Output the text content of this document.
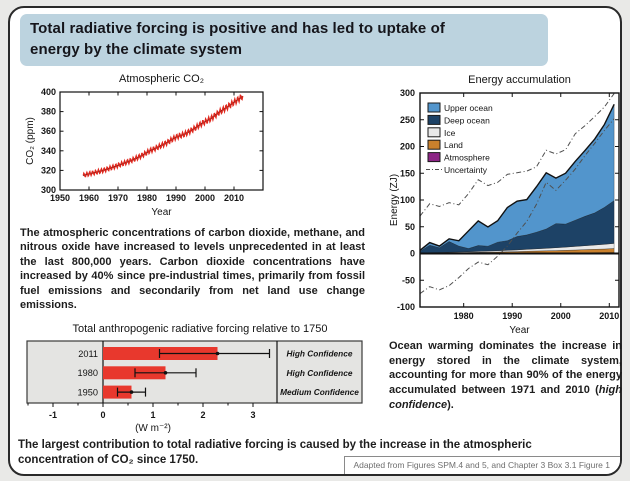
Total radiative forcing is positive and has led to uptake of
energy by the climate system
1950 1960 1970 1980 1990 2000 2010
300
320
340
360
380
400
Atmospheric CO₂
Year
CO₂ (ppm)
The atmospheric concentrations of carbon dioxide, methane, and nitrous oxide have increased to levels unprecedented in at least the last 800,000 years. Carbon dioxide concentrations have increased by 40% since pre-industrial times, primarily from fossil fuel emissions and secondarily from net land use change emissions.
1980	1990	2000	2010
-100
-50
0
50
100
150
200
250
300
Energy accumulation
Year
Energy (ZJ)
Upper ocean
Deep ocean
Ice
Land
Atmosphere
Uncertainty
Ocean warming dominates the increase in energy stored in the climate system, accounting for more than 90% of the energy accumulated between 1971 and 2010 (high confidence).
Total anthropogenic radiative forcing relative to 1750
2011	High Confidence
1980	High Confidence
1950	Medium Confidence
-1	0	1	2	3
(W m⁻²)
The largest contribution to total radiative forcing is caused by the increase in the atmospheric concentration of CO₂ since 1750.	Adapted from Figures SPM.4 and 5, and Chapter 3 Box 3.1 Figure 1
